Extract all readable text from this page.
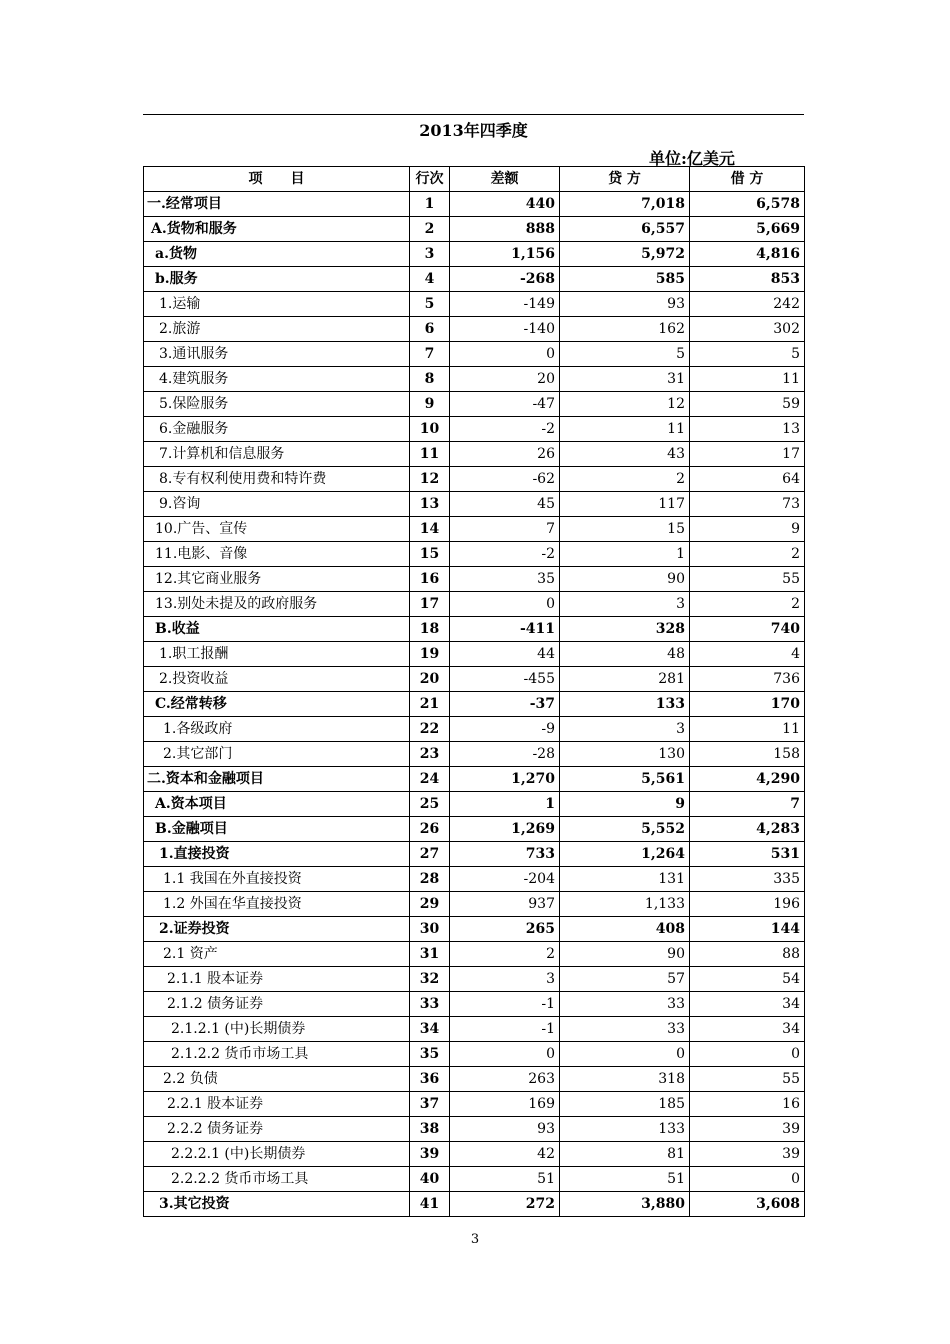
2013年四季度
单位:亿美元
项　　目	行次	差额	贷 方	借 方
一.经常项目	1	440	7,018	6,578
A.货物和服务	2	888	6,557	5,669
a.货物	3	1,156	5,972	4,816
b.服务	4	-268	585	853
1.运输	5	-149	93	242
2.旅游	6	-140	162	302
3.通讯服务	7	0	5	5
4.建筑服务	8	20	31	11
5.保险服务	9	-47	12	59
6.金融服务	10	-2	11	13
7.计算机和信息服务	11	26	43	17
8.专有权利使用费和特许费	12	-62	2	64
9.咨询	13	45	117	73
10.广告、宣传	14	7	15	9
11.电影、音像	15	-2	1	2
12.其它商业服务	16	35	90	55
13.别处未提及的政府服务	17	0	3	2
B.收益	18	-411	328	740
1.职工报酬	19	44	48	4
2.投资收益	20	-455	281	736
C.经常转移	21	-37	133	170
1.各级政府	22	-9	3	11
2.其它部门	23	-28	130	158
二.资本和金融项目	24	1,270	5,561	4,290
A.资本项目	25	1	9	7
B.金融项目	26	1,269	5,552	4,283
1.直接投资	27	733	1,264	531
1.1 我国在外直接投资	28	-204	131	335
1.2 外国在华直接投资	29	937	1,133	196
2.证券投资	30	265	408	144
2.1 资产	31	2	90	88
2.1.1 股本证券	32	3	57	54
2.1.2 债务证券	33	-1	33	34
2.1.2.1 (中)长期债券	34	-1	33	34
2.1.2.2 货币市场工具	35	0	0	0
2.2 负债	36	263	318	55
2.2.1 股本证券	37	169	185	16
2.2.2 债务证券	38	93	133	39
2.2.2.1 (中)长期债券	39	42	81	39
2.2.2.2 货币市场工具	40	51	51	0
3.其它投资	41	272	3,880	3,608
3
